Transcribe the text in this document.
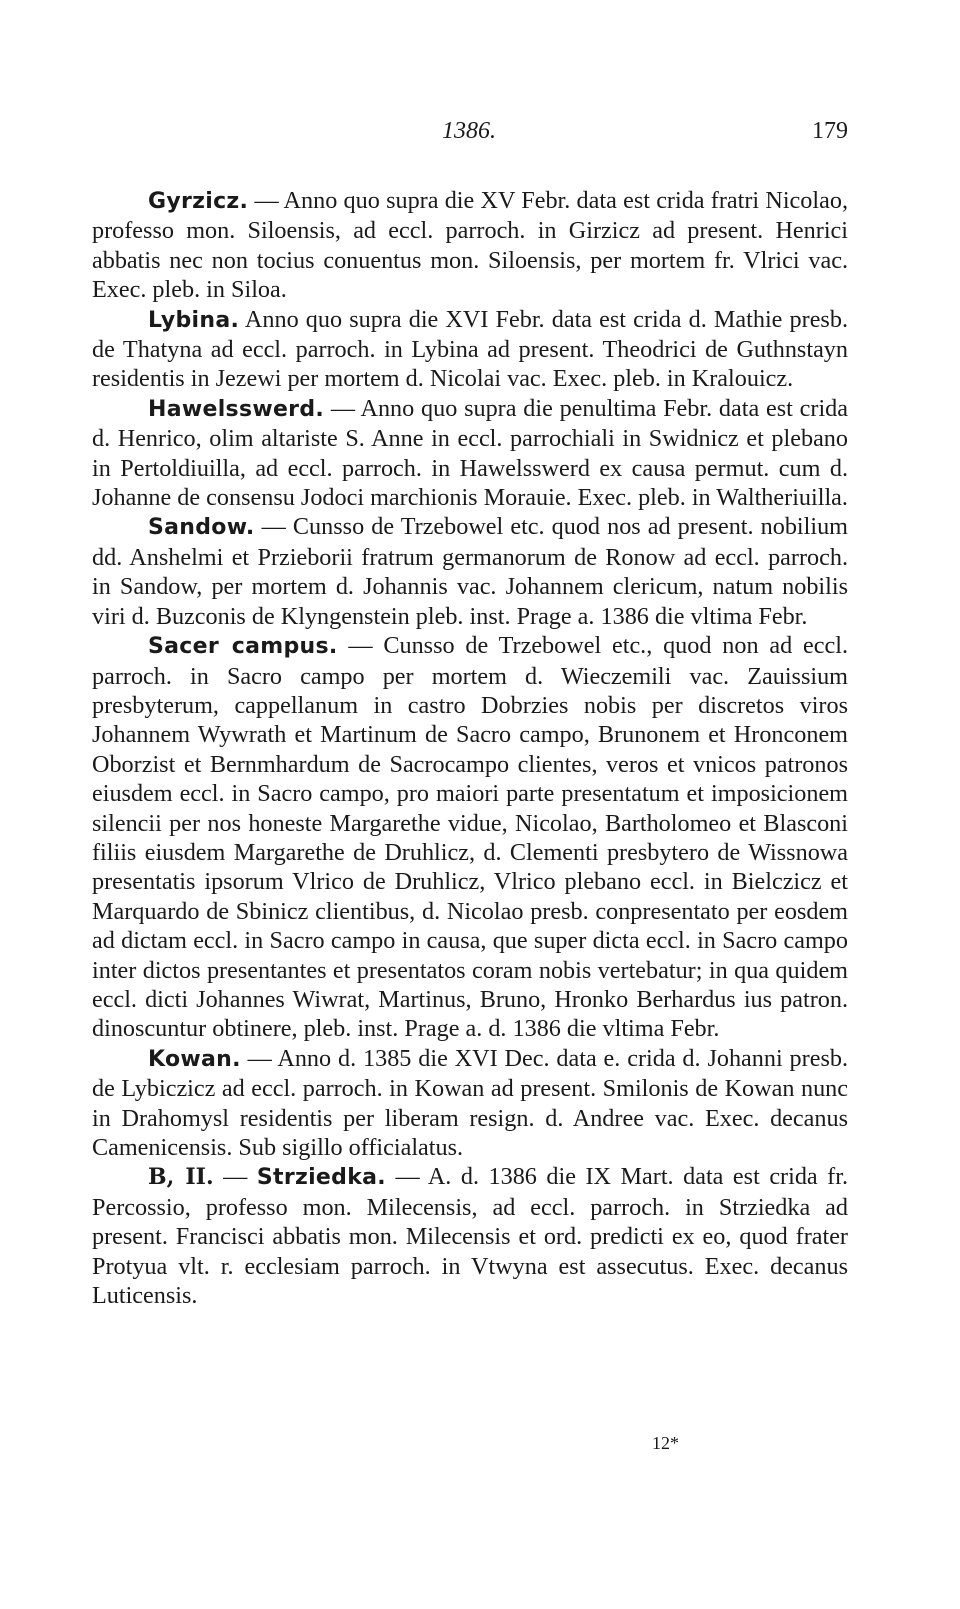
1386.	179

Gyrzicz. — Anno quo supra die XV Febr. data est crida fratri Nicolao, professo mon. Siloensis, ad eccl. parroch. in Girzicz ad present. Henrici abbatis nec non tocius conuentus mon. Siloensis, per mortem fr. Vlrici vac. Exec. pleb. in Siloa.

Lybina. Anno quo supra die XVI Febr. data est crida d. Mathie presb. de Thatyna ad eccl. parroch. in Lybina ad present. Theodrici de Guthnstayn residentis in Jezewi per mortem d. Nicolai vac. Exec. pleb. in Kralouicz.

Hawelsswerd. — Anno quo supra die penultima Febr. data est crida d. Henrico, olim altariste S. Anne in eccl. parrochiali in Swidnicz et plebano in Pertoldiuilla, ad eccl. parroch. in Hawelsswerd ex causa permut. cum d. Johanne de consensu Jodoci marchionis Morauie. Exec. pleb. in Waltheriuilla.

Sandow. — Cunsso de Trzebowel etc. quod nos ad present. nobilium dd. Anshelmi et Przieborii fratrum germanorum de Ronow ad eccl. parroch. in Sandow, per mortem d. Johannis vac. Johannem clericum, natum nobilis viri d. Buzconis de Klyngenstein pleb. inst. Prage a. 1386 die vltima Febr.

Sacer campus. — Cunsso de Trzebowel etc., quod non ad eccl. parroch. in Sacro campo per mortem d. Wieczemili vac. Zauissium presbyterum, cappellanum in castro Dobrzies nobis per discretos viros Johannem Wywrath et Martinum de Sacro campo, Brunonem et Hronconem Oborzist et Bernmhardum de Sacrocampo clientes, veros et vnicos patronos eiusdem eccl. in Sacro campo, pro maiori parte presentatum et imposicionem silencii per nos honeste Margarethe vidue, Nicolao, Bartholomeo et Blasconi filiis eiusdem Margarethe de Druhlicz, d. Clementi presbytero de Wissnowa presentatis ipsorum Vlrico de Druhlicz, Vlrico plebano eccl. in Bielczicz et Marquardo de Sbinicz clientibus, d. Nicolao presb. conpresentato per eosdem ad dictam eccl. in Sacro campo in causa, que super dicta eccl. in Sacro campo inter dictos presentantes et presentatos coram nobis vertebatur; in qua quidem eccl. dicti Johannes Wiwrat, Martinus, Bruno, Hronko Berhardus ius patron. dinoscuntur obtinere, pleb. inst. Prage a. d. 1386 die vltima Febr.

Kowan. — Anno d. 1385 die XVI Dec. data e. crida d. Johanni presb. de Lybiczicz ad eccl. parroch. in Kowan ad present. Smilonis de Kowan nunc in Drahomysl residentis per liberam resign. d. Andree vac. Exec. decanus Camenicensis. Sub sigillo officialatus.

B, II. — Strziedka. — A. d. 1386 die IX Mart. data est crida fr. Percossio, professo mon. Milecensis, ad eccl. parroch. in Strziedka ad present. Francisci abbatis mon. Milecensis et ord. predicti ex eo, quod frater Protyua vlt. r. ecclesiam parroch. in Vtwyna est assecutus. Exec. decanus Luticensis.

12*
